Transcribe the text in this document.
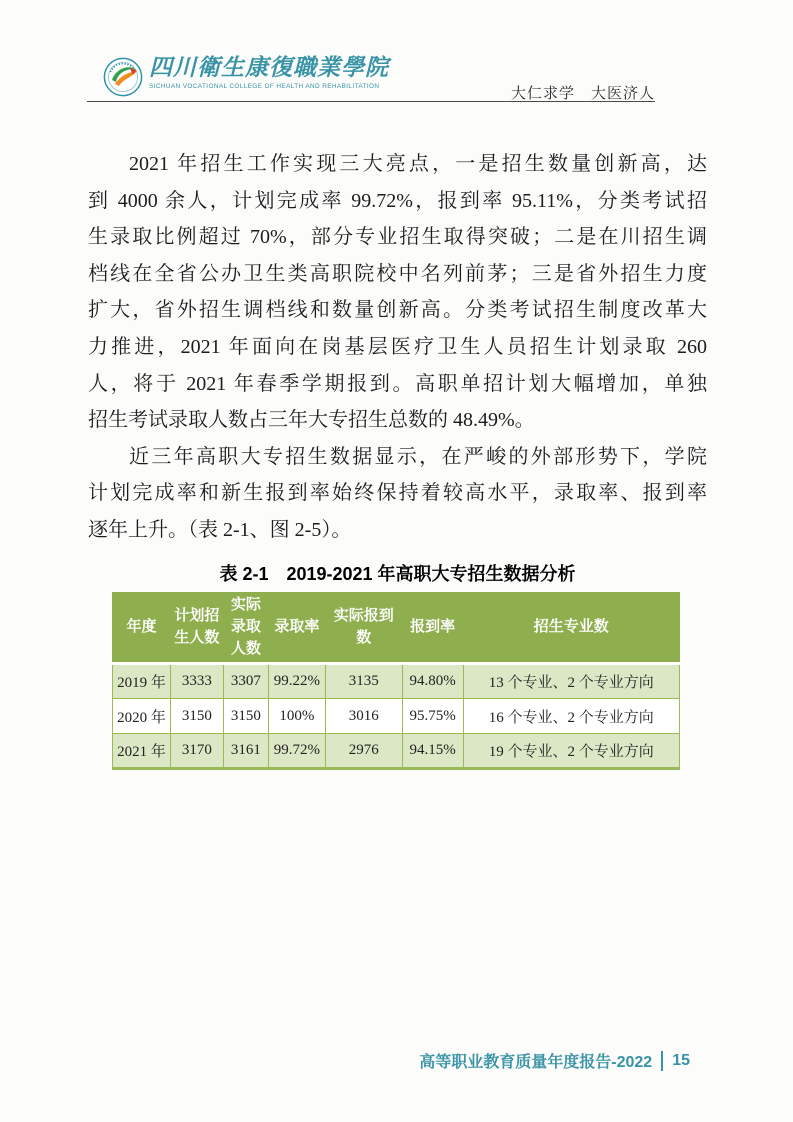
四川衛生康復職業學院
SICHUAN VOCATIONAL COLLEGE OF HEALTH AND REHABILITATION	大仁求学　大医济人
2021 年招生工作实现三大亮点，一是招生数量创新高，达
到 4000 余人，计划完成率 99.72%，报到率 95.11%，分类考试招
生录取比例超过 70%，部分专业招生取得突破；二是在川招生调
档线在全省公办卫生类高职院校中名列前茅；三是省外招生力度
扩大，省外招生调档线和数量创新高。分类考试招生制度改革大
力推进，2021 年面向在岗基层医疗卫生人员招生计划录取 260
人，将于 2021 年春季学期报到。高职单招计划大幅增加，单独
招生考试录取人数占三年大专招生总数的 48.49%。
近三年高职大专招生数据显示，在严峻的外部形势下，学院
计划完成率和新生报到率始终保持着较高水平，录取率、报到率
逐年上升。（表 2-1、图 2-5）。
表 2-1　2019-2021 年高职大专招生数据分析
年度	计划招生人数	实际录取人数	录取率	实际报到数	报到率	招生专业数
2019 年	3333	3307	99.22%	3135	94.80%	13 个专业、2 个专业方向
2020 年	3150	3150	100%	3016	95.75%	16 个专业、2 个专业方向
2021 年	3170	3161	99.72%	2976	94.15%	19 个专业、2 个专业方向
高等职业教育质量年度报告-2022 15
